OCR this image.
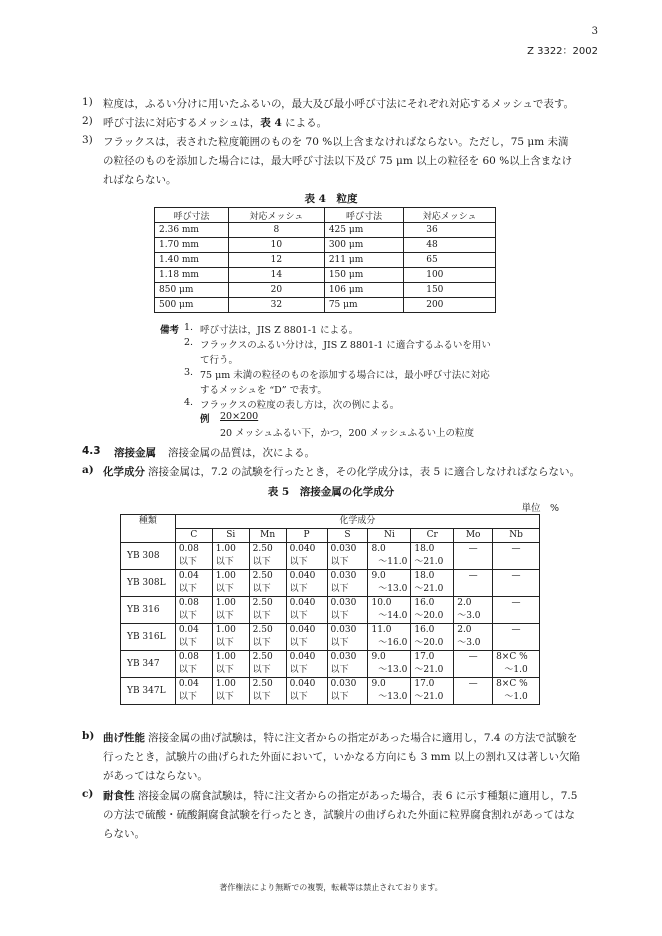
3
Z 3322：2002
1) 粒度は，ふるい分けに用いたふるいの，最大及び最小呼び寸法にそれぞれ対応するメッシュで表す。
2) 呼び寸法に対応するメッシュは，表 4 による。
3) フラックスは，表された粒度範囲のものを 70 %以上含まなければならない。ただし，75 μm 未満
の粒径のものを添加した場合には，最大呼び寸法以下及び 75 μm 以上の粒径を 60 %以上含まなけ
ればならない。
表 4　粒度
呼び寸法	対応メッシュ	呼び寸法	対応メッシュ
2.36 mm	8	425 μm	36
1.70 mm	10	300 μm	48
1.40 mm	12	211 μm	65
1.18 mm	14	150 μm	100
850 μm	20	106 μm	150
500 μm	32	75 μm	200
備考 1. 呼び寸法は，JIS Z 8801-1 による。
2. フラックスのふるい分けは，JIS Z 8801-1 に適合するふるいを用い
て行う。
3. 75 μm 未満の粒径のものを添加する場合には，最小呼び寸法に対応
するメッシュを “D” で表す。
4. フラックスの粒度の表し方は，次の例による。
例 20×200
20 メッシュふるい下，かつ，200 メッシュふるい上の粒度
4.3 溶接金属 溶接金属の品質は，次による。
a) 化学成分 溶接金属は，7.2 の試験を行ったとき，その化学成分は，表 5 に適合しなければならない。
表 5　溶接金属の化学成分
単位　%
種類	化学成分								
	C	Si	Mn	P	S	Ni	Cr	Mo	Nb
YB 308	0.08	1.00	2.50	0.040	0.030	8.0	18.0	—	—
	以下	以下	以下	以下	以下	～11.0	～21.0		
YB 308L	0.04	1.00	2.50	0.040	0.030	9.0	18.0	—	—
	以下	以下	以下	以下	以下	～13.0	～21.0		
YB 316	0.08	1.00	2.50	0.040	0.030	10.0	16.0	2.0	—
	以下	以下	以下	以下	以下	～14.0	～20.0	～3.0	
YB 316L	0.04	1.00	2.50	0.040	0.030	11.0	16.0	2.0	—
	以下	以下	以下	以下	以下	～16.0	～20.0	～3.0	
YB 347	0.08	1.00	2.50	0.040	0.030	9.0	17.0	—	8×C %
	以下	以下	以下	以下	以下	～13.0	～21.0		～1.0
YB 347L	0.04	1.00	2.50	0.040	0.030	9.0	17.0	—	8×C %
	以下	以下	以下	以下	以下	～13.0	～21.0		～1.0
b) 曲げ性能 溶接金属の曲げ試験は，特に注文者からの指定があった場合に適用し，7.4 の方法で試験を
行ったとき，試験片の曲げられた外面において，いかなる方向にも 3 mm 以上の割れ又は著しい欠陥
があってはならない。
c) 耐食性 溶接金属の腐食試験は，特に注文者からの指定があった場合，表 6 に示す種類に適用し，7.5
の方法で硫酸・硫酸銅腐食試験を行ったとき，試験片の曲げられた外面に粒界腐食割れがあってはな
らない。
著作権法により無断での複製，転載等は禁止されております。
